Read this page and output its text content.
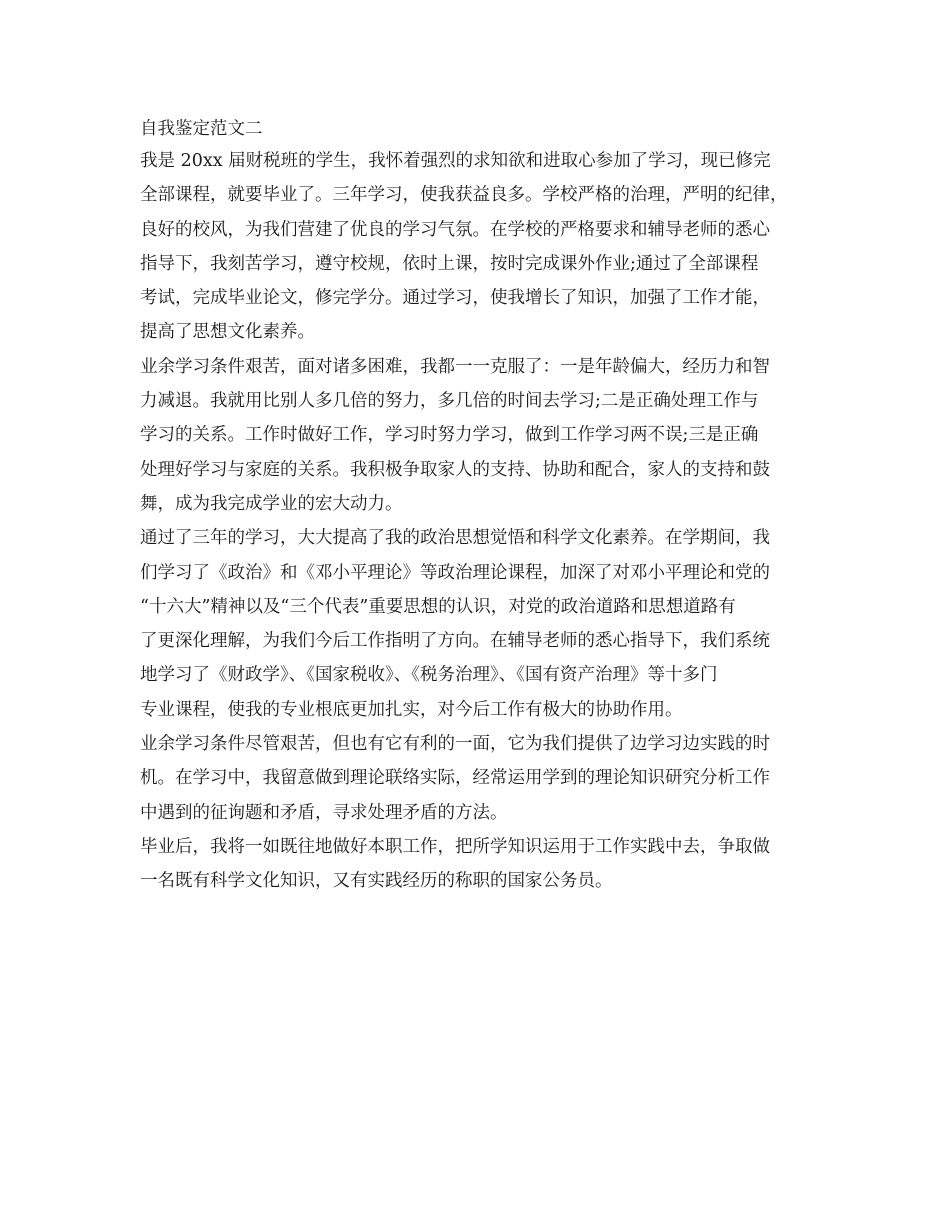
自我鉴定范文二
我是 20xx 届财税班的学生，我怀着强烈的求知欲和进取心参加了学习，现已修完
全部课程，就要毕业了。三年学习，使我获益良多。学校严格的治理，严明的纪律，
良好的校风，为我们营建了优良的学习气氛。在学校的严格要求和辅导老师的悉心
指导下，我刻苦学习，遵守校规，依时上课，按时完成课外作业;通过了全部课程
考试，完成毕业论文，修完学分。通过学习，使我增长了知识，加强了工作才能，
提高了思想文化素养。
业余学习条件艰苦，面对诸多困难，我都一一克服了：一是年龄偏大，经历力和智
力减退。我就用比别人多几倍的努力，多几倍的时间去学习;二是正确处理工作与
学习的关系。工作时做好工作，学习时努力学习，做到工作学习两不误;三是正确
处理好学习与家庭的关系。我积极争取家人的支持、协助和配合，家人的支持和鼓
舞，成为我完成学业的宏大动力。
通过了三年的学习，大大提高了我的政治思想觉悟和科学文化素养。在学期间，我
们学习了《政治》和《邓小平理论》等政治理论课程，加深了对邓小平理论和党的
“十六大”精神以及“三个代表”重要思想的认识，对党的政治道路和思想道路有
了更深化理解，为我们今后工作指明了方向。在辅导老师的悉心指导下，我们系统
地学习了《财政学》、《国家税收》、《税务治理》、《国有资产治理》等十多门
专业课程，使我的专业根底更加扎实，对今后工作有极大的协助作用。
业余学习条件尽管艰苦，但也有它有利的一面，它为我们提供了边学习边实践的时
机。在学习中，我留意做到理论联络实际，经常运用学到的理论知识研究分析工作
中遇到的征询题和矛盾，寻求处理矛盾的方法。
毕业后，我将一如既往地做好本职工作，把所学知识运用于工作实践中去，争取做
一名既有科学文化知识，又有实践经历的称职的国家公务员。
